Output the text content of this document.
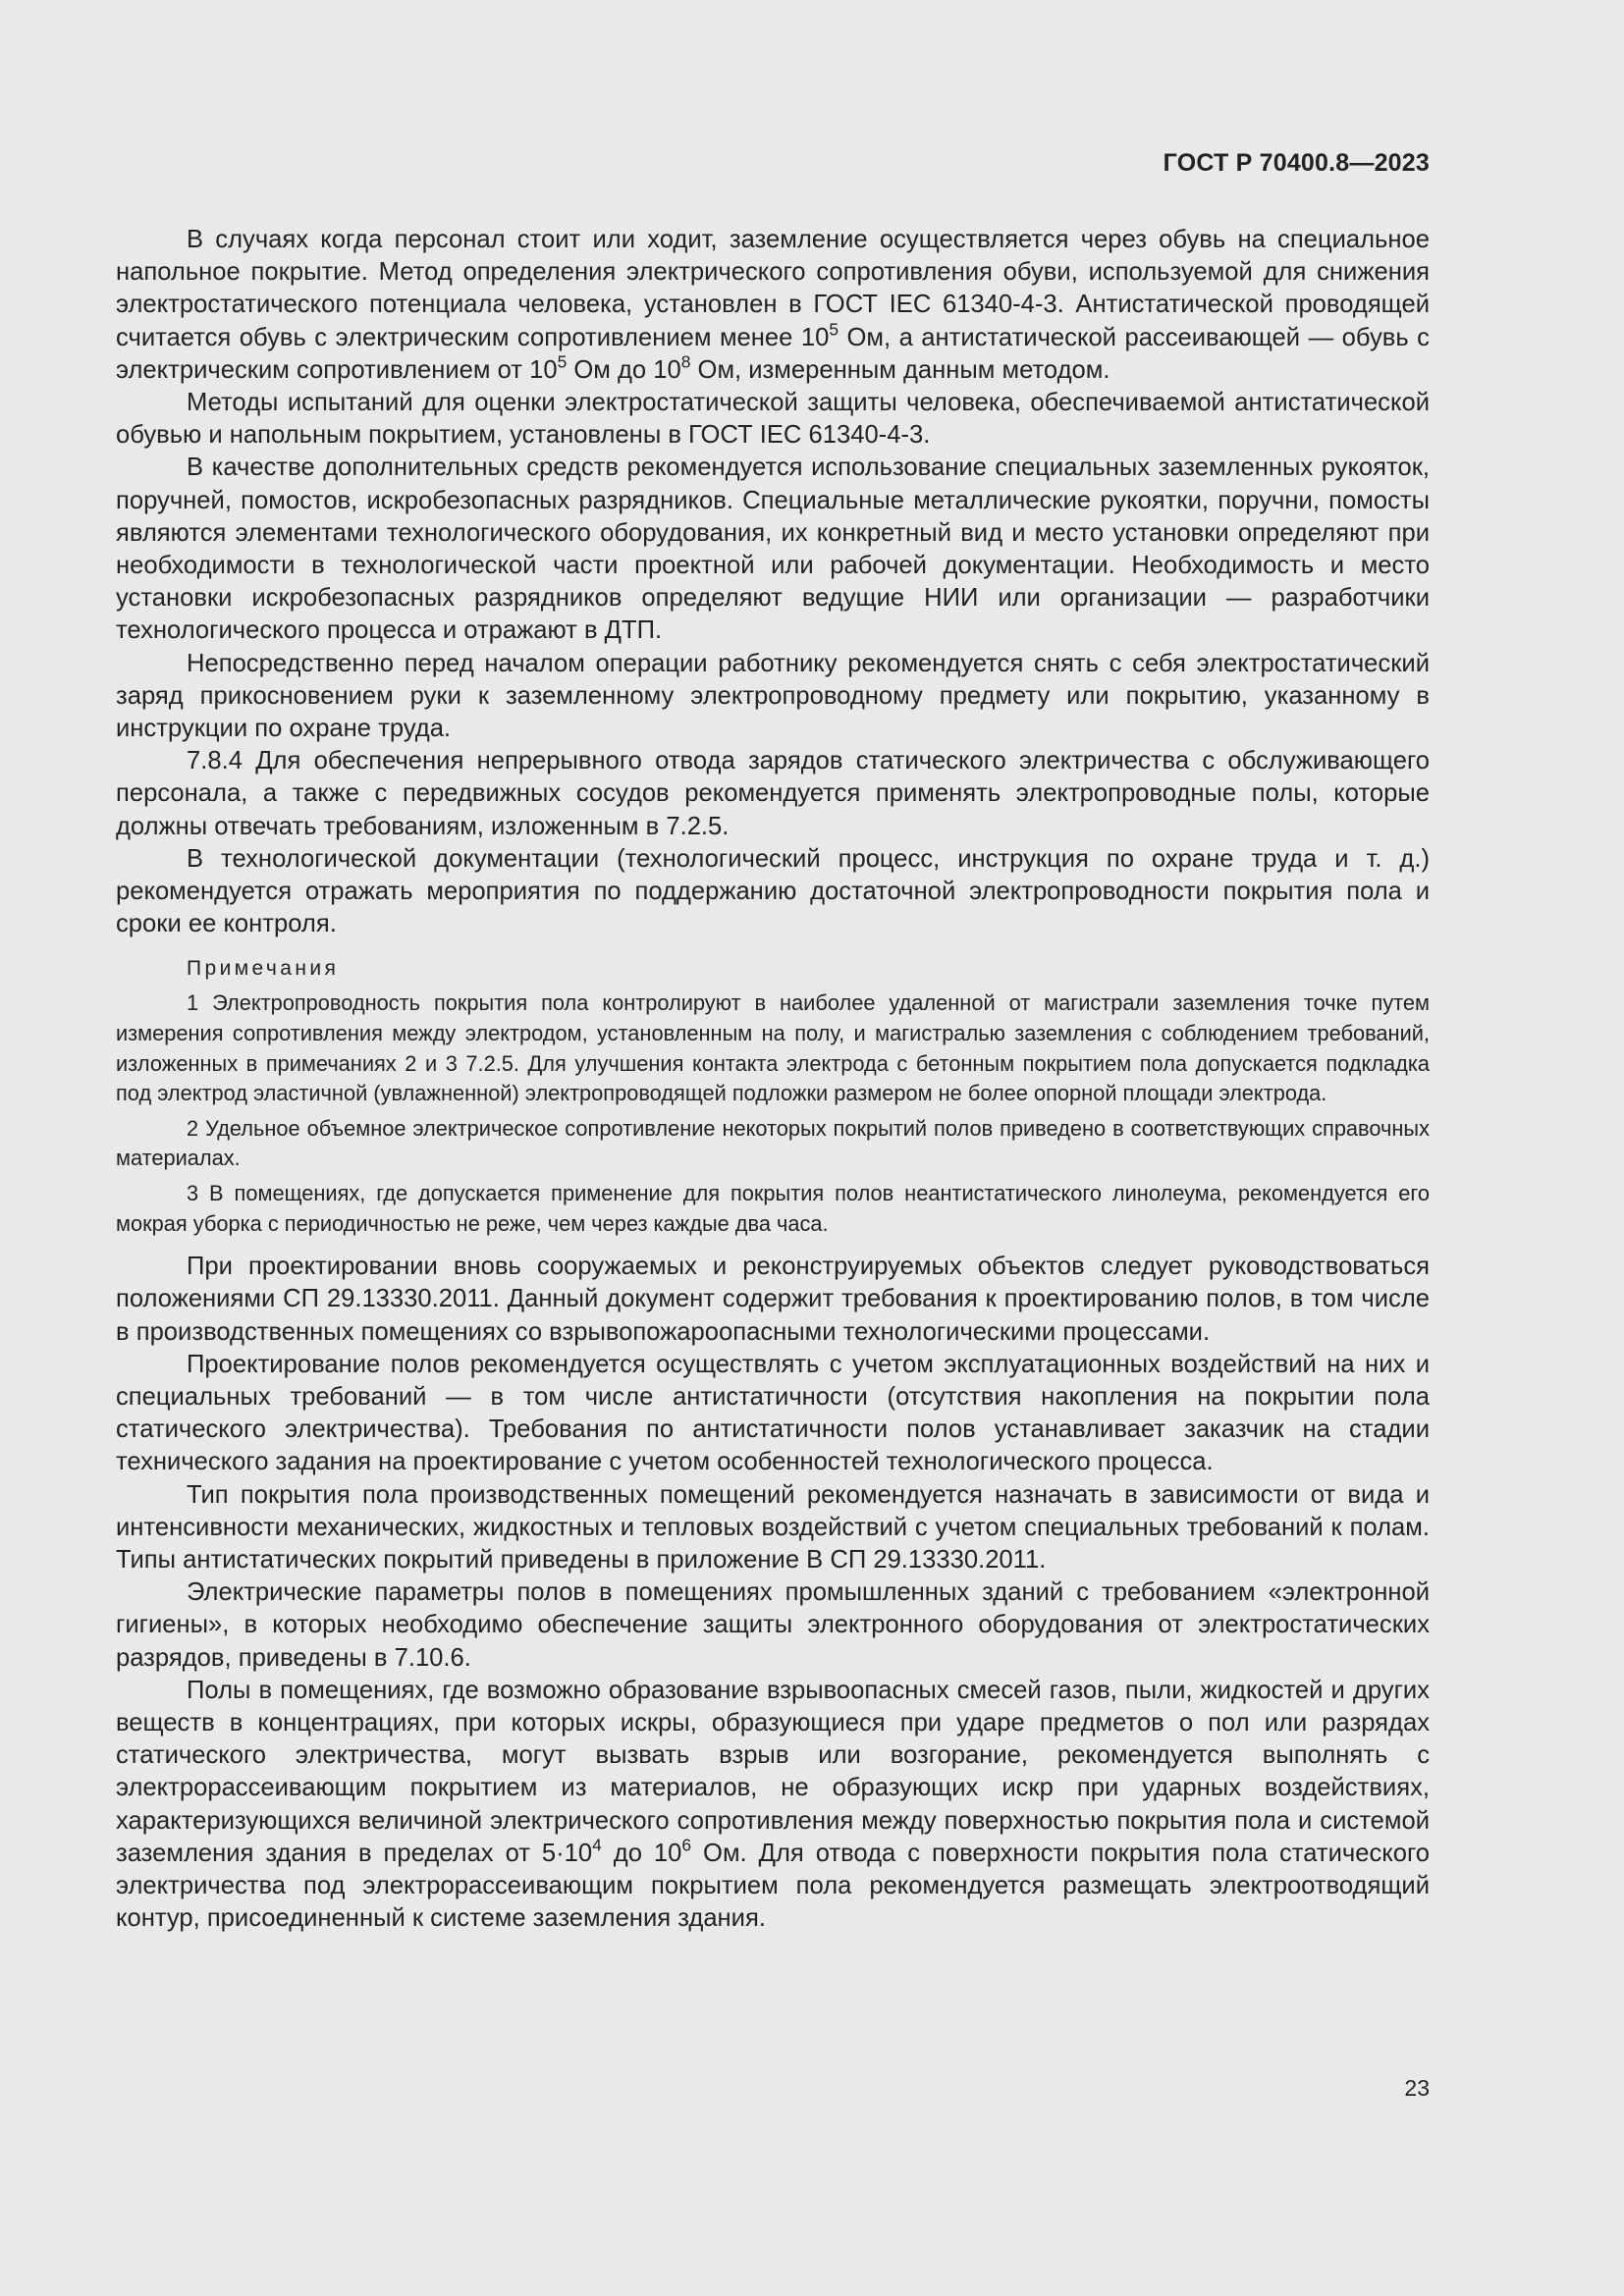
ГОСТ Р 70400.8—2023

В случаях когда персонал стоит или ходит, заземление осуществляется через обувь на специальное напольное покрытие. Метод определения электрического сопротивления обуви, используемой для снижения электростатического потенциала человека, установлен в ГОСТ IEC 61340-4-3. Антистатической проводящей считается обувь с электрическим сопротивлением менее $10^5$ Ом, а антистатической рассеивающей — обувь с электрическим сопротивлением от $10^5$ Ом до $10^8$ Ом, измеренным данным методом.

Методы испытаний для оценки электростатической защиты человека, обеспечиваемой антистатической обувью и напольным покрытием, установлены в ГОСТ IEC 61340-4-3.

В качестве дополнительных средств рекомендуется использование специальных заземленных рукояток, поручней, помостов, искробезопасных разрядников. Специальные металлические рукоятки, поручни, помосты являются элементами технологического оборудования, их конкретный вид и место установки определяют при необходимости в технологической части проектной или рабочей документации. Необходимость и место установки искробезопасных разрядников определяют ведущие НИИ или организации — разработчики технологического процесса и отражают в ДТП.

Непосредственно перед началом операции работнику рекомендуется снять с себя электростатический заряд прикосновением руки к заземленному электропроводному предмету или покрытию, указанному в инструкции по охране труда.

7.8.4 Для обеспечения непрерывного отвода зарядов статического электричества с обслуживающего персонала, а также с передвижных сосудов рекомендуется применять электропроводные полы, которые должны отвечать требованиям, изложенным в 7.2.5.

В технологической документации (технологический процесс, инструкция по охране труда и т. д.) рекомендуется отражать мероприятия по поддержанию достаточной электропроводности покрытия пола и сроки ее контроля.

Примечания

1 Электропроводность покрытия пола контролируют в наиболее удаленной от магистрали заземления точке путем измерения сопротивления между электродом, установленным на полу, и магистралью заземления с соблюдением требований, изложенных в примечаниях 2 и 3 7.2.5. Для улучшения контакта электрода с бетонным покрытием пола допускается подкладка под электрод эластичной (увлажненной) электропроводящей подложки размером не более опорной площади электрода.

2 Удельное объемное электрическое сопротивление некоторых покрытий полов приведено в соответствующих справочных материалах.

3 В помещениях, где допускается применение для покрытия полов неантистатического линолеума, рекомендуется его мокрая уборка с периодичностью не реже, чем через каждые два часа.

При проектировании вновь сооружаемых и реконструируемых объектов следует руководствоваться положениями СП 29.13330.2011. Данный документ содержит требования к проектированию полов, в том числе в производственных помещениях со взрывопожароопасными технологическими процессами.

Проектирование полов рекомендуется осуществлять с учетом эксплуатационных воздействий на них и специальных требований — в том числе антистатичности (отсутствия накопления на покрытии пола статического электричества). Требования по антистатичности полов устанавливает заказчик на стадии технического задания на проектирование с учетом особенностей технологического процесса.

Тип покрытия пола производственных помещений рекомендуется назначать в зависимости от вида и интенсивности механических, жидкостных и тепловых воздействий с учетом специальных требований к полам. Типы антистатических покрытий приведены в приложение В СП 29.13330.2011.

Электрические параметры полов в помещениях промышленных зданий с требованием «электронной гигиены», в которых необходимо обеспечение защиты электронного оборудования от электростатических разрядов, приведены в 7.10.6.

Полы в помещениях, где возможно образование взрывоопасных смесей газов, пыли, жидкостей и других веществ в концентрациях, при которых искры, образующиеся при ударе предметов о пол или разрядах статического электричества, могут вызвать взрыв или возгорание, рекомендуется выполнять с электрорассеивающим покрытием из материалов, не образующих искр при ударных воздействиях, характеризующихся величиной электрического сопротивления между поверхностью покрытия пола и системой заземления здания в пределах от $5\cdot 10^4$ до $10^6$ Ом. Для отвода с поверхности покрытия пола статического электричества под электрорассеивающим покрытием пола рекомендуется размещать электроотводящий контур, присоединенный к системе заземления здания.

23
